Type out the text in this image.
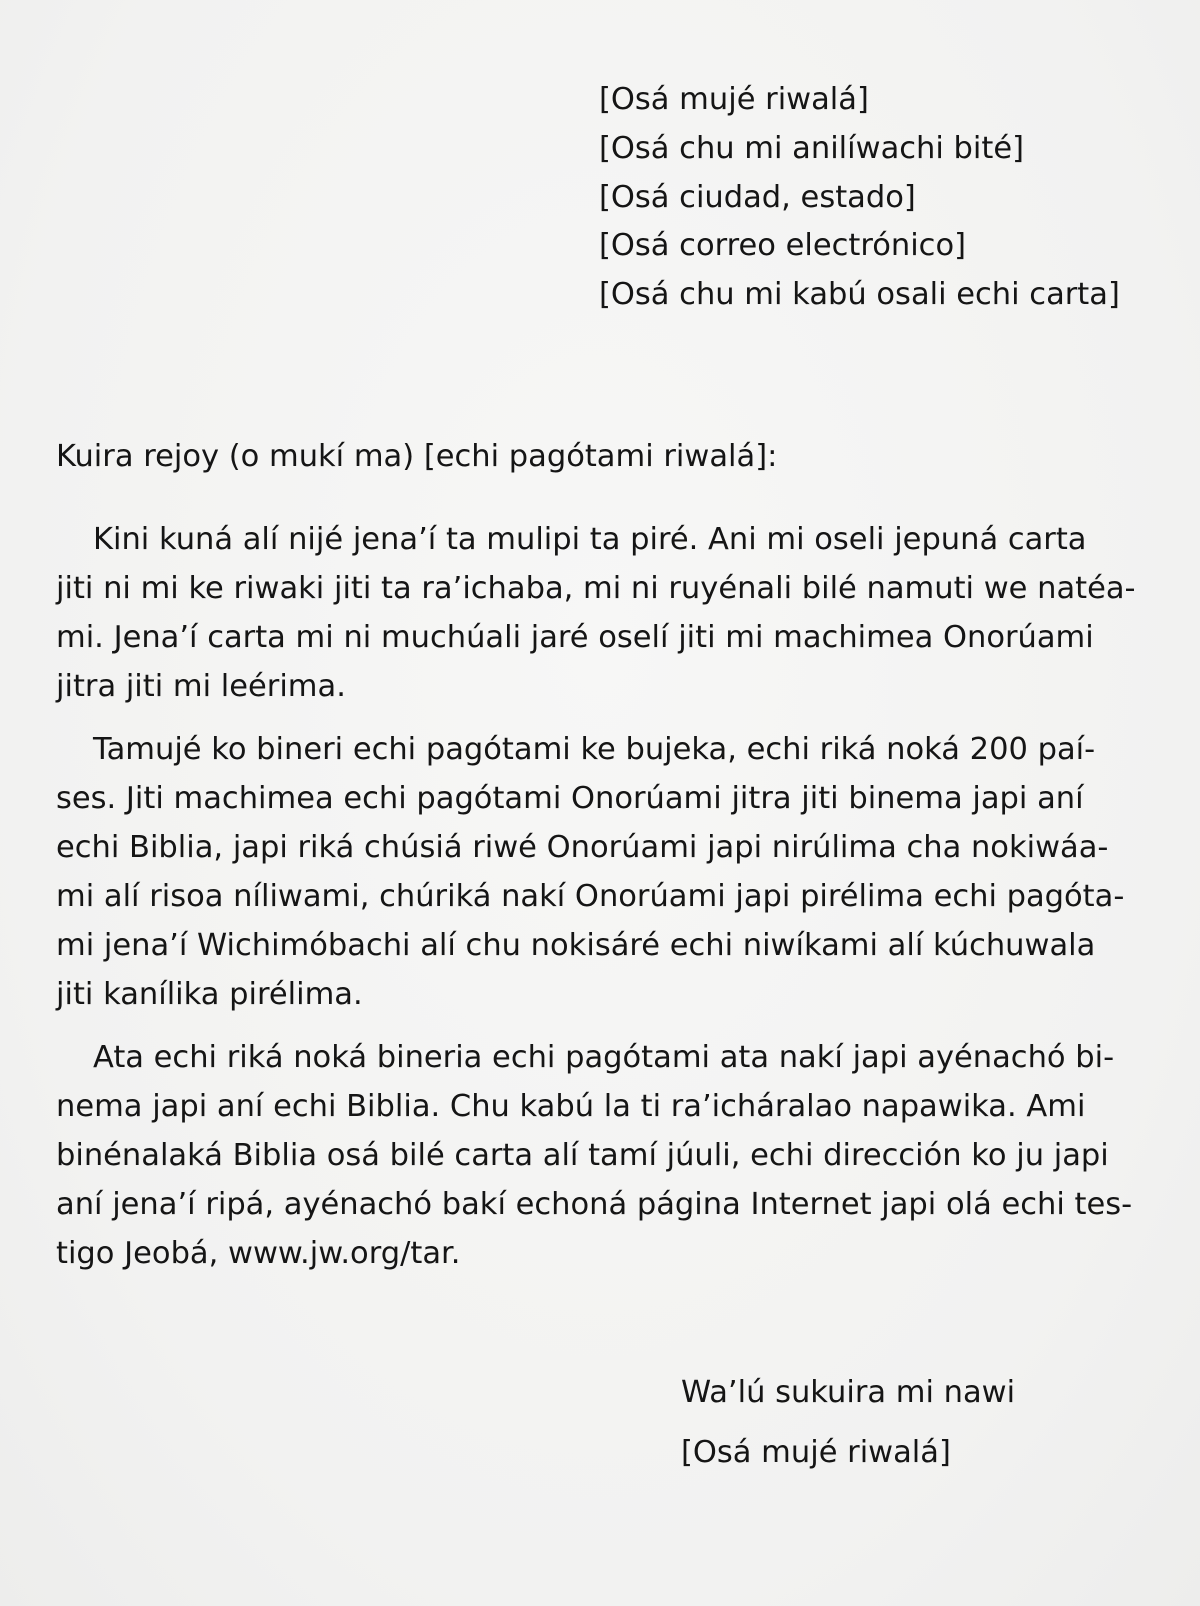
[Osá mujé riwalá]
[Osá chu mi anilíwachi bité]
[Osá ciudad, estado]
[Osá correo electrónico]
[Osá chu mi kabú osali echi carta]
Kuira rejoy (o mukí ma) [echi pagótami riwalá]:

Kini kuná alí nijé jena’í ta mulipi ta piré. Ani mi oseli jepuná carta
jiti ni mi ke riwaki jiti ta ra’ichaba, mi ni ruyénali bilé namuti we natéa-
mi. Jena’í carta mi ni muchúali jaré oselí jiti mi machimea Onorúami
jitra jiti mi leérima.

Tamujé ko bineri echi pagótami ke bujeka, echi riká noká 200 paí-
ses. Jiti machimea echi pagótami Onorúami jitra jiti binema japi aní
echi Biblia, japi riká chúsiá riwé Onorúami japi nirúlima cha nokiwáa-
mi alí risoa níliwami, chúriká nakí Onorúami japi pirélima echi pagóta-
mi jena’í Wichimóbachi alí chu nokisáré echi niwíkami alí kúchuwala
jiti kanílika pirélima.

Ata echi riká noká bineria echi pagótami ata nakí japi ayénachó bi-
nema japi aní echi Biblia. Chu kabú la ti ra’icháralao napawika. Ami
binénalaká Biblia osá bilé carta alí tamí júuli, echi dirección ko ju japi
aní jena’í ripá, ayénachó bakí echoná página Internet japi olá echi tes-
tigo Jeobá, www.jw.org/tar.

Wa’lú sukuira mi nawi
[Osá mujé riwalá]
